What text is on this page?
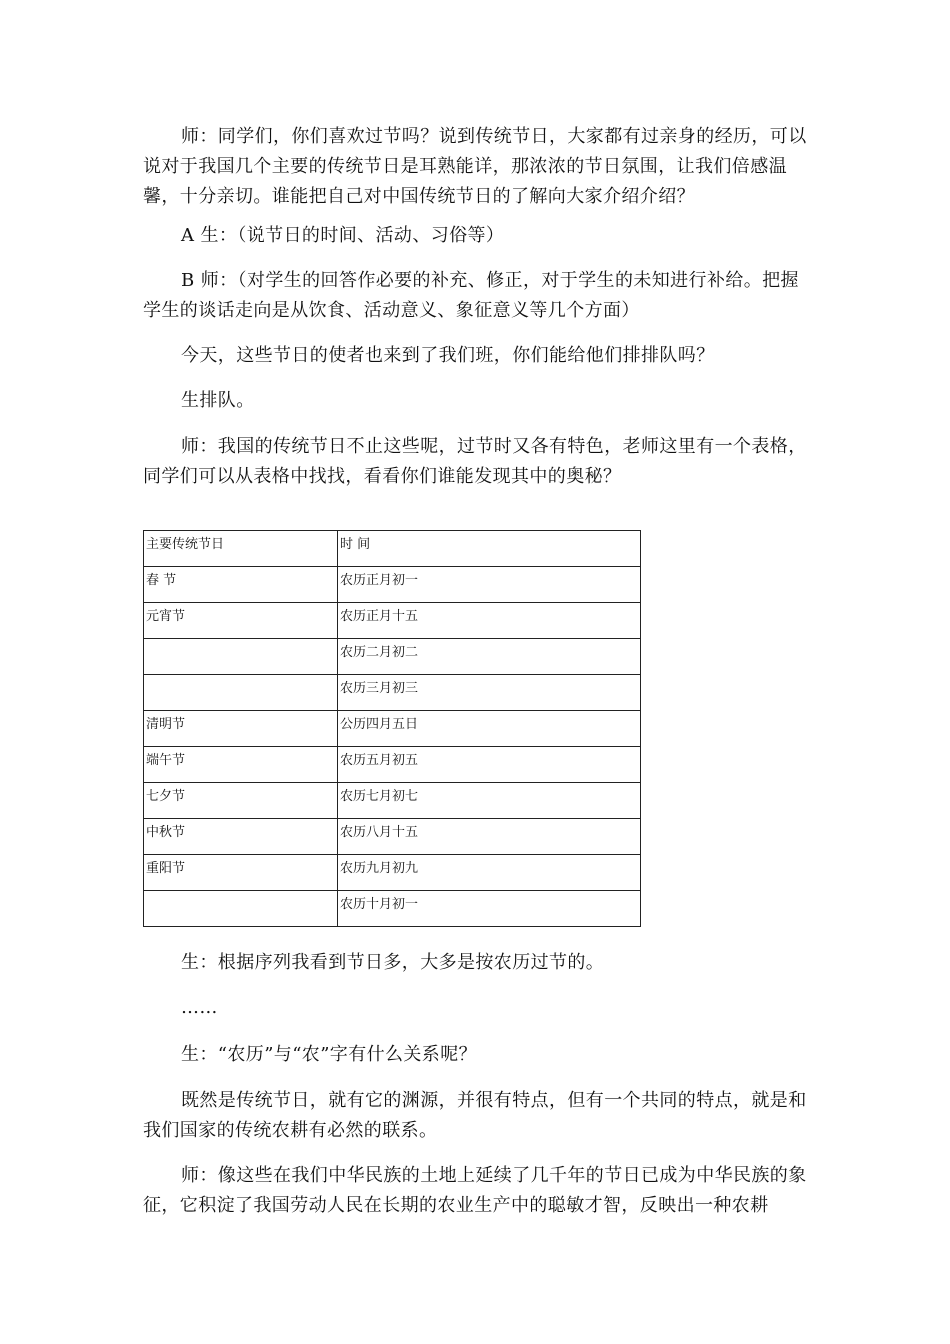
师：同学们，你们喜欢过节吗？说到传统节日，大家都有过亲身的经历，可以说对于我国几个主要的传统节日是耳熟能详，那浓浓的节日氛围，让我们倍感温馨，十分亲切。谁能把自己对中国传统节日的了解向大家介绍介绍？

A 生：（说节日的时间、活动、习俗等）

B 师：（对学生的回答作必要的补充、修正，对于学生的未知进行补给。把握学生的谈话走向是从饮食、活动意义、象征意义等几个方面）

今天，这些节日的使者也来到了我们班，你们能给他们排排队吗？

生排队。

师：我国的传统节日不止这些呢，过节时又各有特色，老师这里有一个表格，同学们可以从表格中找找，看看你们谁能发现其中的奥秘？

主要传统节日	时 间
春 节	农历正月初一
元宵节	农历正月十五
	农历二月初二
	农历三月初三
清明节	公历四月五日
端午节	农历五月初五
七夕节	农历七月初七
中秋节	农历八月十五
重阳节	农历九月初九
	农历十月初一

生：根据序列我看到节日多，大多是按农历过节的。

……

生：“农历”与“农”字有什么关系呢？

既然是传统节日，就有它的渊源，并很有特点，但有一个共同的特点，就是和我们国家的传统农耕有必然的联系。

师：像这些在我们中华民族的土地上延续了几千年的节日已成为中华民族的象征，它积淀了我国劳动人民在长期的农业生产中的聪敏才智，反映出一种农耕
